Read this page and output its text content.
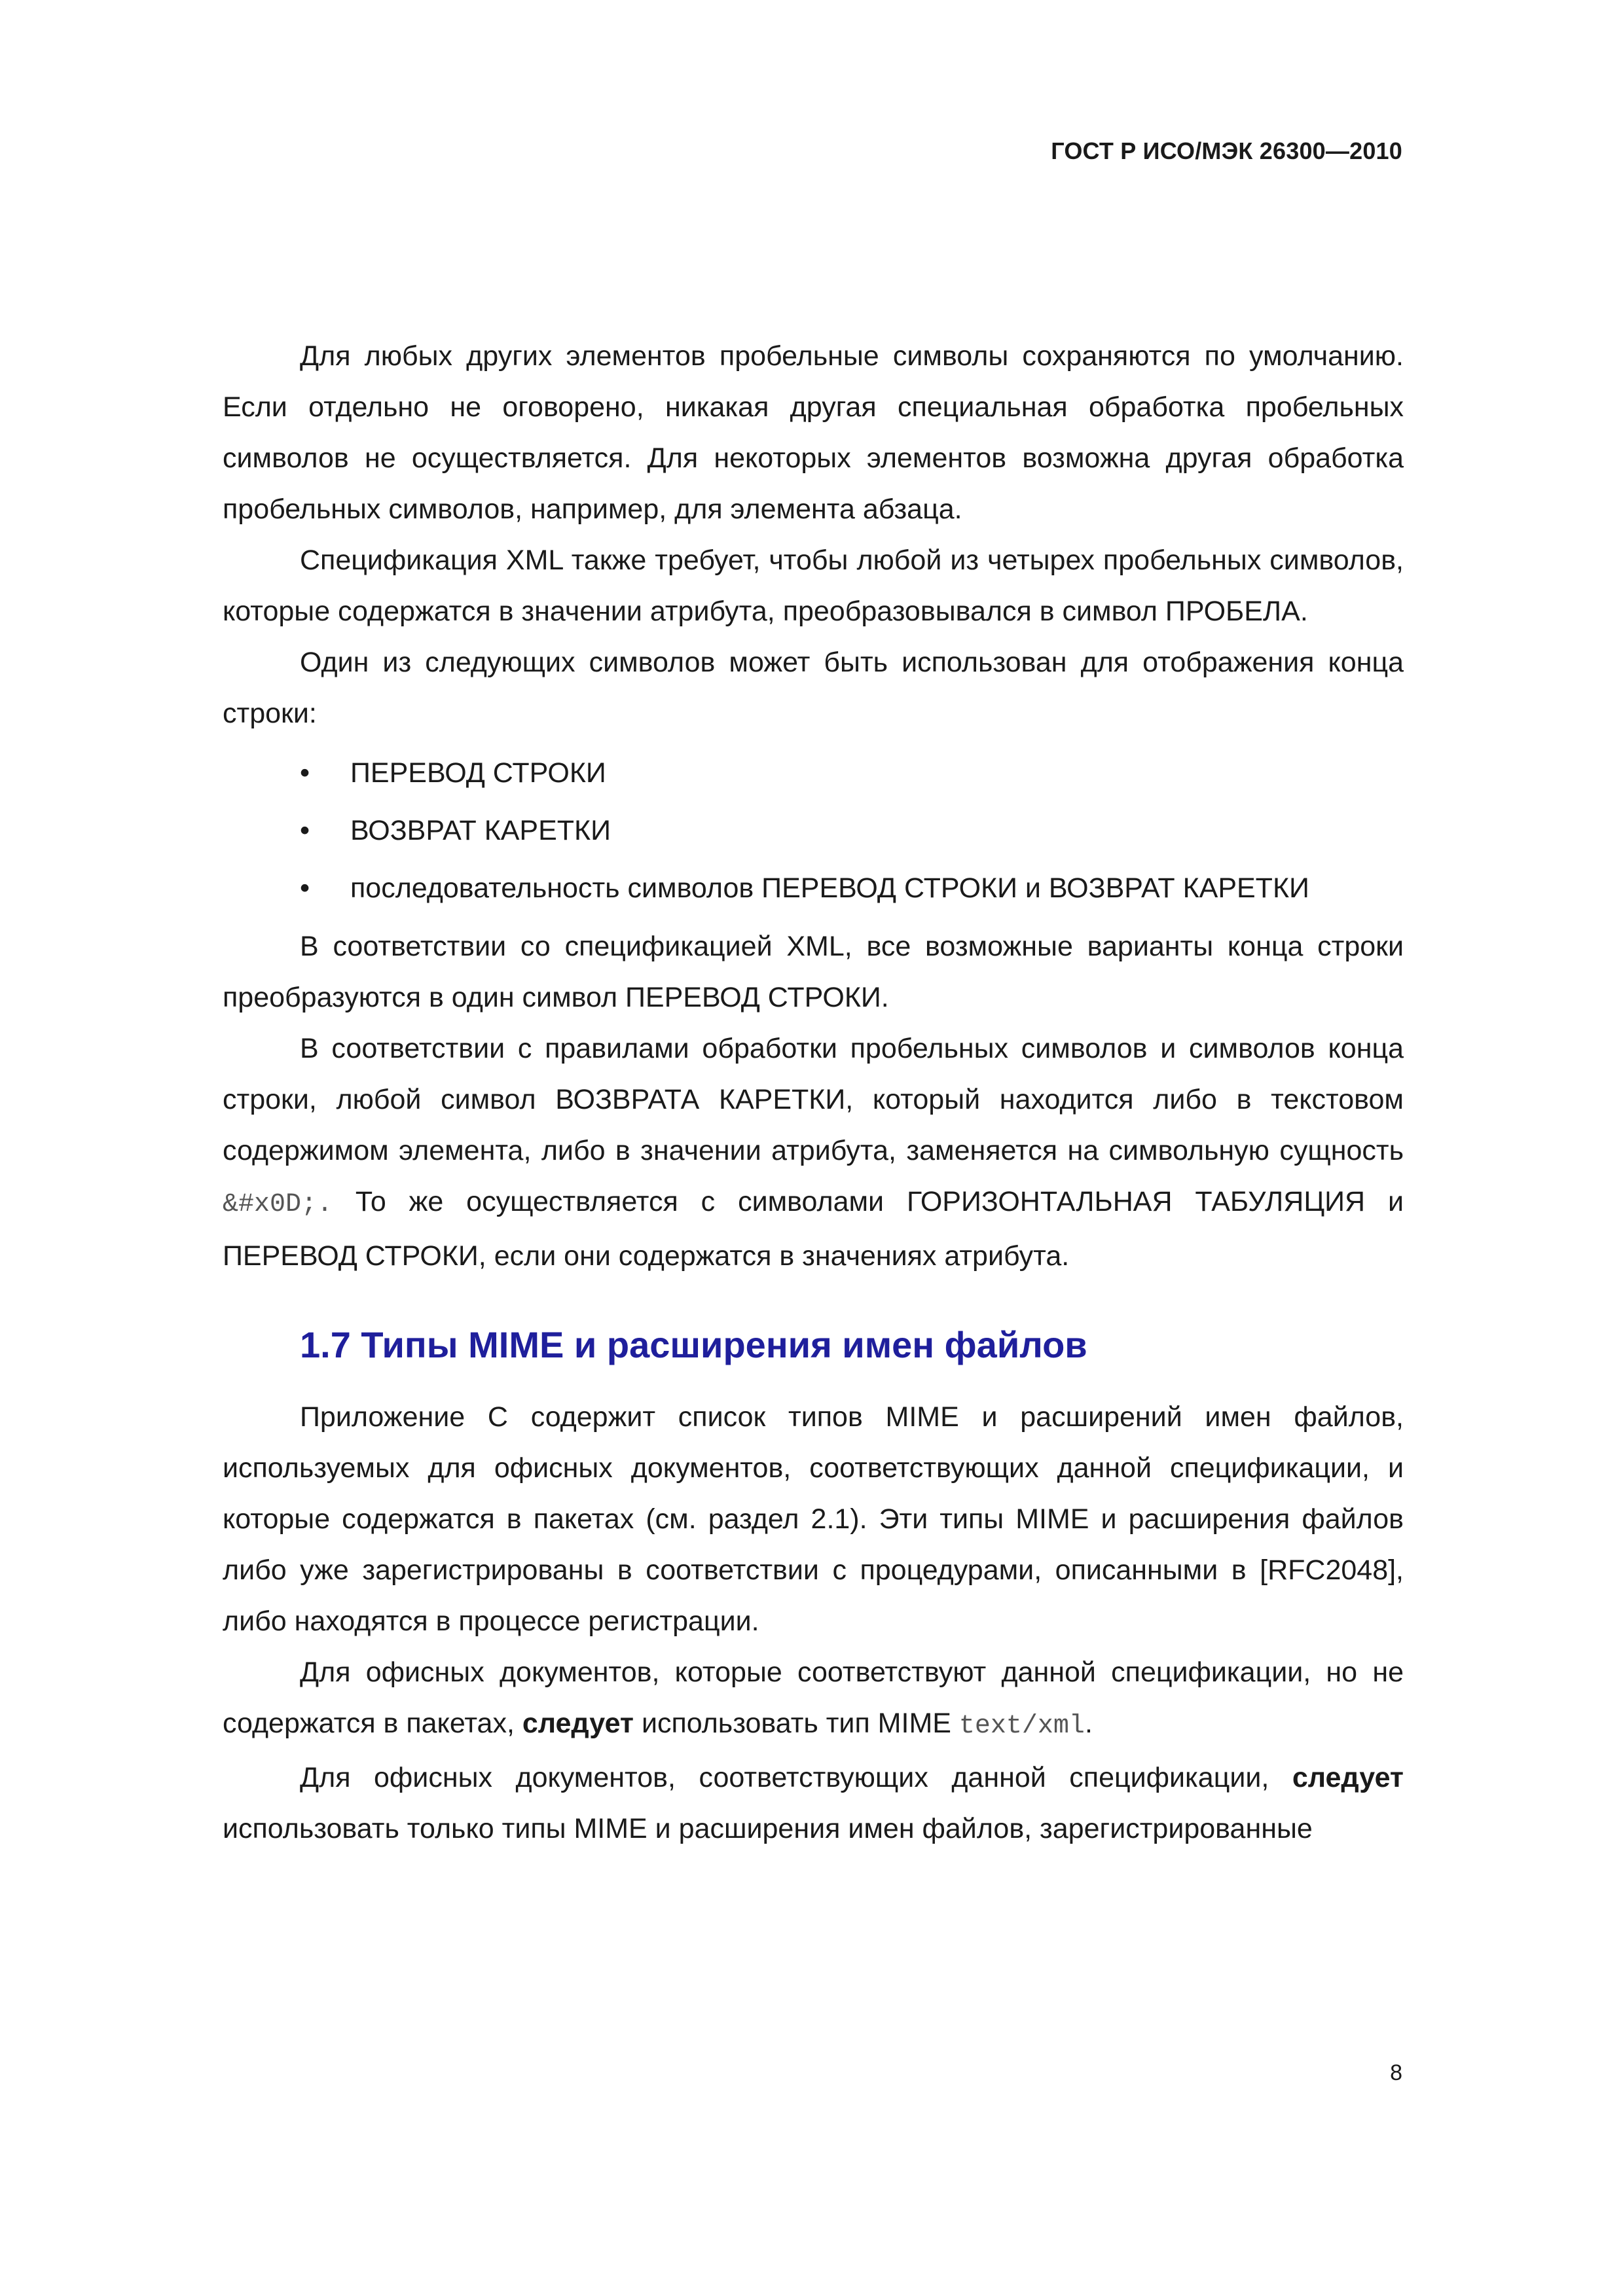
ГОСТ Р ИСО/МЭК 26300—2010

Для любых других элементов пробельные символы сохраняются по умолчанию. Если отдельно не оговорено, никакая другая специальная обработка пробельных символов не осуществляется. Для некоторых элементов возможна другая обработка пробельных символов, например, для элемента абзаца.

Спецификация XML также требует, чтобы любой из четырех пробельных символов, которые содержатся в значении атрибута, преобразовывался в символ ПРОБЕЛА.

Один из следующих символов может быть использован для отображения конца строки:

• ПЕРЕВОД СТРОКИ
• ВОЗВРАТ КАРЕТКИ
• последовательность символов ПЕРЕВОД СТРОКИ и ВОЗВРАТ КАРЕТКИ

В соответствии со спецификацией XML, все возможные варианты конца строки преобразуются в один символ ПЕРЕВОД СТРОКИ.

В соответствии с правилами обработки пробельных символов и символов конца строки, любой символ ВОЗВРАТА КАРЕТКИ, который находится либо в текстовом содержимом элемента, либо в значении атрибута, заменяется на символьную сущность &#x0D;. То же осуществляется с символами ГОРИЗОНТАЛЬНАЯ ТАБУЛЯЦИЯ и ПЕРЕВОД СТРОКИ, если они содержатся в значениях атрибута.

1.7 Типы MIME и расширения имен файлов

Приложение С содержит список типов MIME и расширений имен файлов, используемых для офисных документов, соответствующих данной спецификации, и которые содержатся в пакетах (см. раздел 2.1). Эти типы MIME и расширения файлов либо уже зарегистрированы в соответствии с процедурами, описанными в [RFC2048], либо находятся в процессе регистрации.

Для офисных документов, которые соответствуют данной спецификации, но не содержатся в пакетах, следует использовать тип MIME text/xml.

Для офисных документов, соответствующих данной спецификации, следует использовать только типы MIME и расширения имен файлов, зарегистрированные

8
